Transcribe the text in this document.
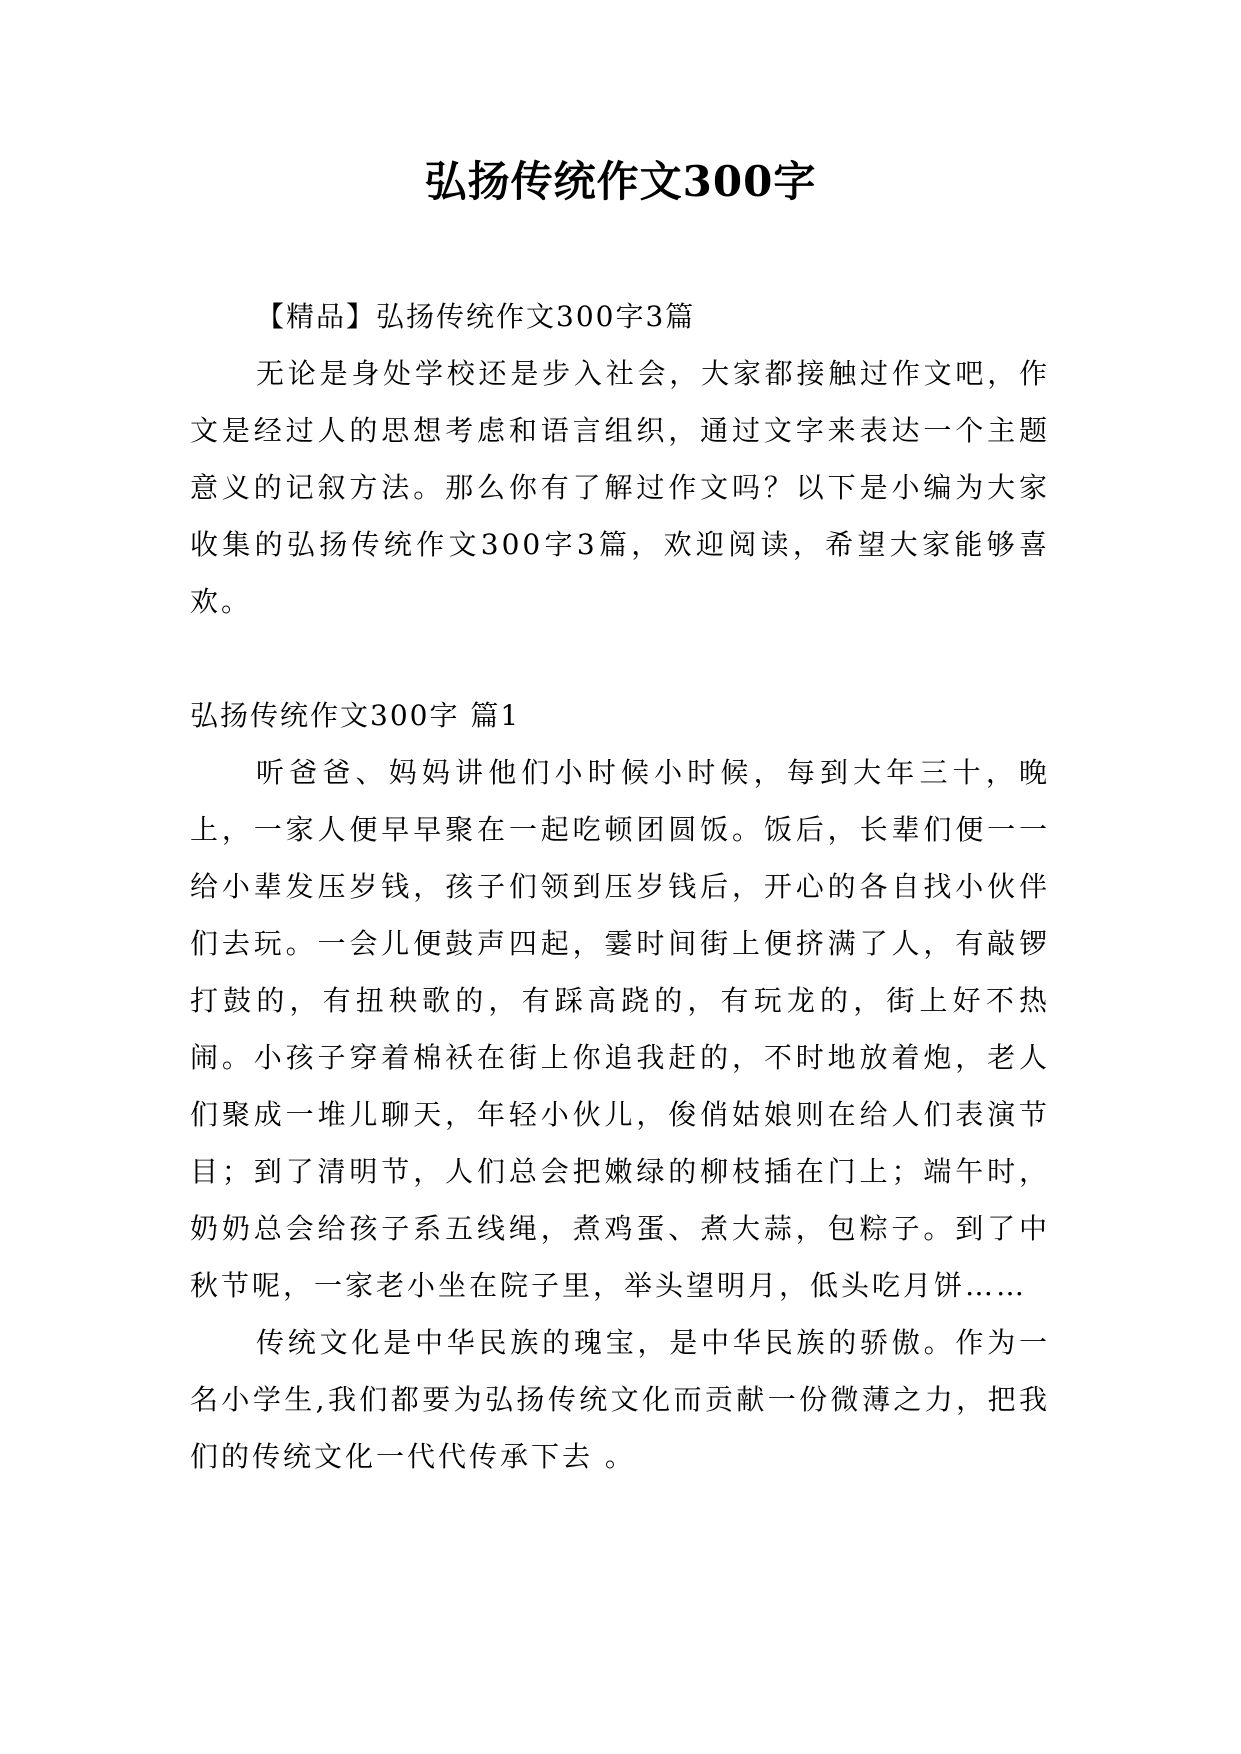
弘扬传统作文300字

【精品】弘扬传统作文300字3篇

无论是身处学校还是步入社会，大家都接触过作文吧，作文是经过人的思想考虑和语言组织，通过文字来表达一个主题意义的记叙方法。那么你有了解过作文吗？以下是小编为大家收集的弘扬传统作文300字3篇，欢迎阅读，希望大家能够喜欢。

弘扬传统作文300字 篇1

听爸爸、妈妈讲他们小时候小时候，每到大年三十，晚上，一家人便早早聚在一起吃顿团圆饭。饭后，长辈们便一一给小辈发压岁钱，孩子们领到压岁钱后，开心的各自找小伙伴们去玩。一会儿便鼓声四起，霎时间街上便挤满了人，有敲锣打鼓的，有扭秧歌的，有踩高跷的，有玩龙的，街上好不热闹。小孩子穿着棉袄在街上你追我赶的，不时地放着炮，老人们聚成一堆儿聊天，年轻小伙儿，俊俏姑娘则在给人们表演节目；到了清明节，人们总会把嫩绿的柳枝插在门上；端午时，奶奶总会给孩子系五线绳，煮鸡蛋、煮大蒜，包粽子。到了中秋节呢，一家老小坐在院子里，举头望明月，低头吃月饼……

传统文化是中华民族的瑰宝，是中华民族的骄傲。作为一名小学生,我们都要为弘扬传统文化而贡献一份微薄之力，把我们的传统文化一代代传承下去 。
